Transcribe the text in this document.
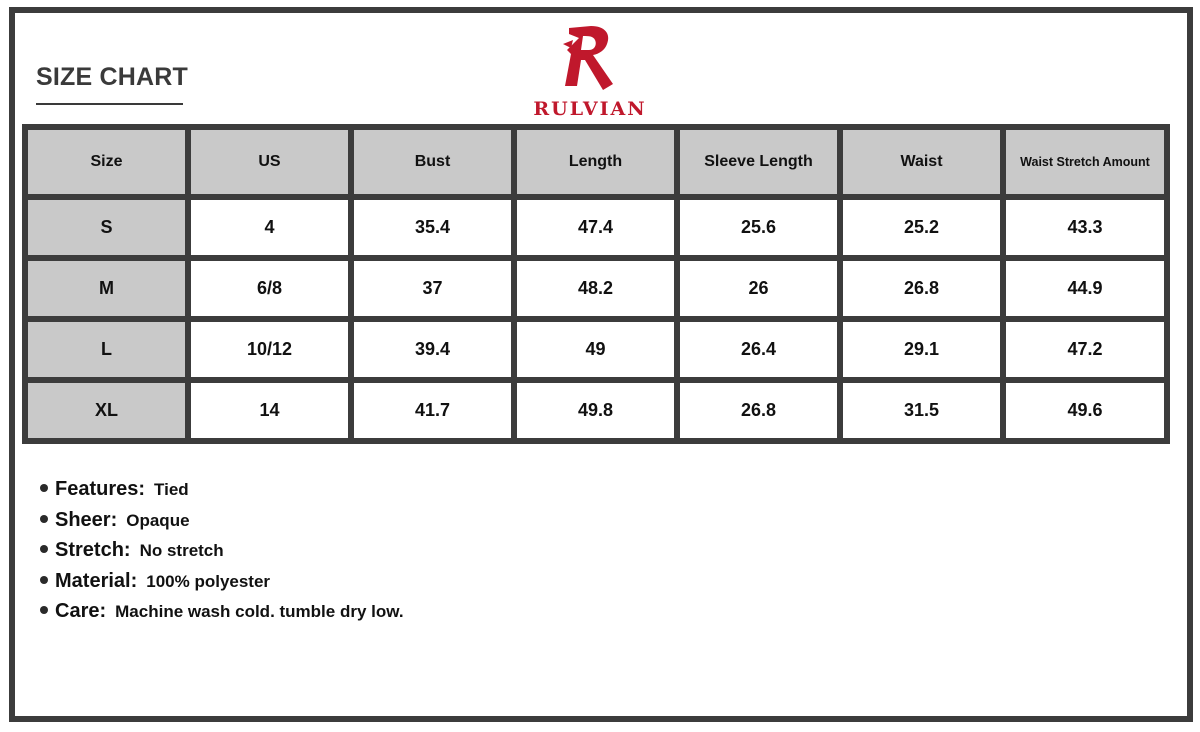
SIZE CHART
RULVIAN
Size	US	Bust	Length	Sleeve Length	Waist	Waist Stretch Amount
S	4	35.4	47.4	25.6	25.2	43.3
M	6/8	37	48.2	26	26.8	44.9
L	10/12	39.4	49	26.4	29.1	47.2
XL	14	41.7	49.8	26.8	31.5	49.6
Features: Tied
Sheer: Opaque
Stretch: No stretch
Material: 100% polyester
Care: Machine wash cold. tumble dry low.
